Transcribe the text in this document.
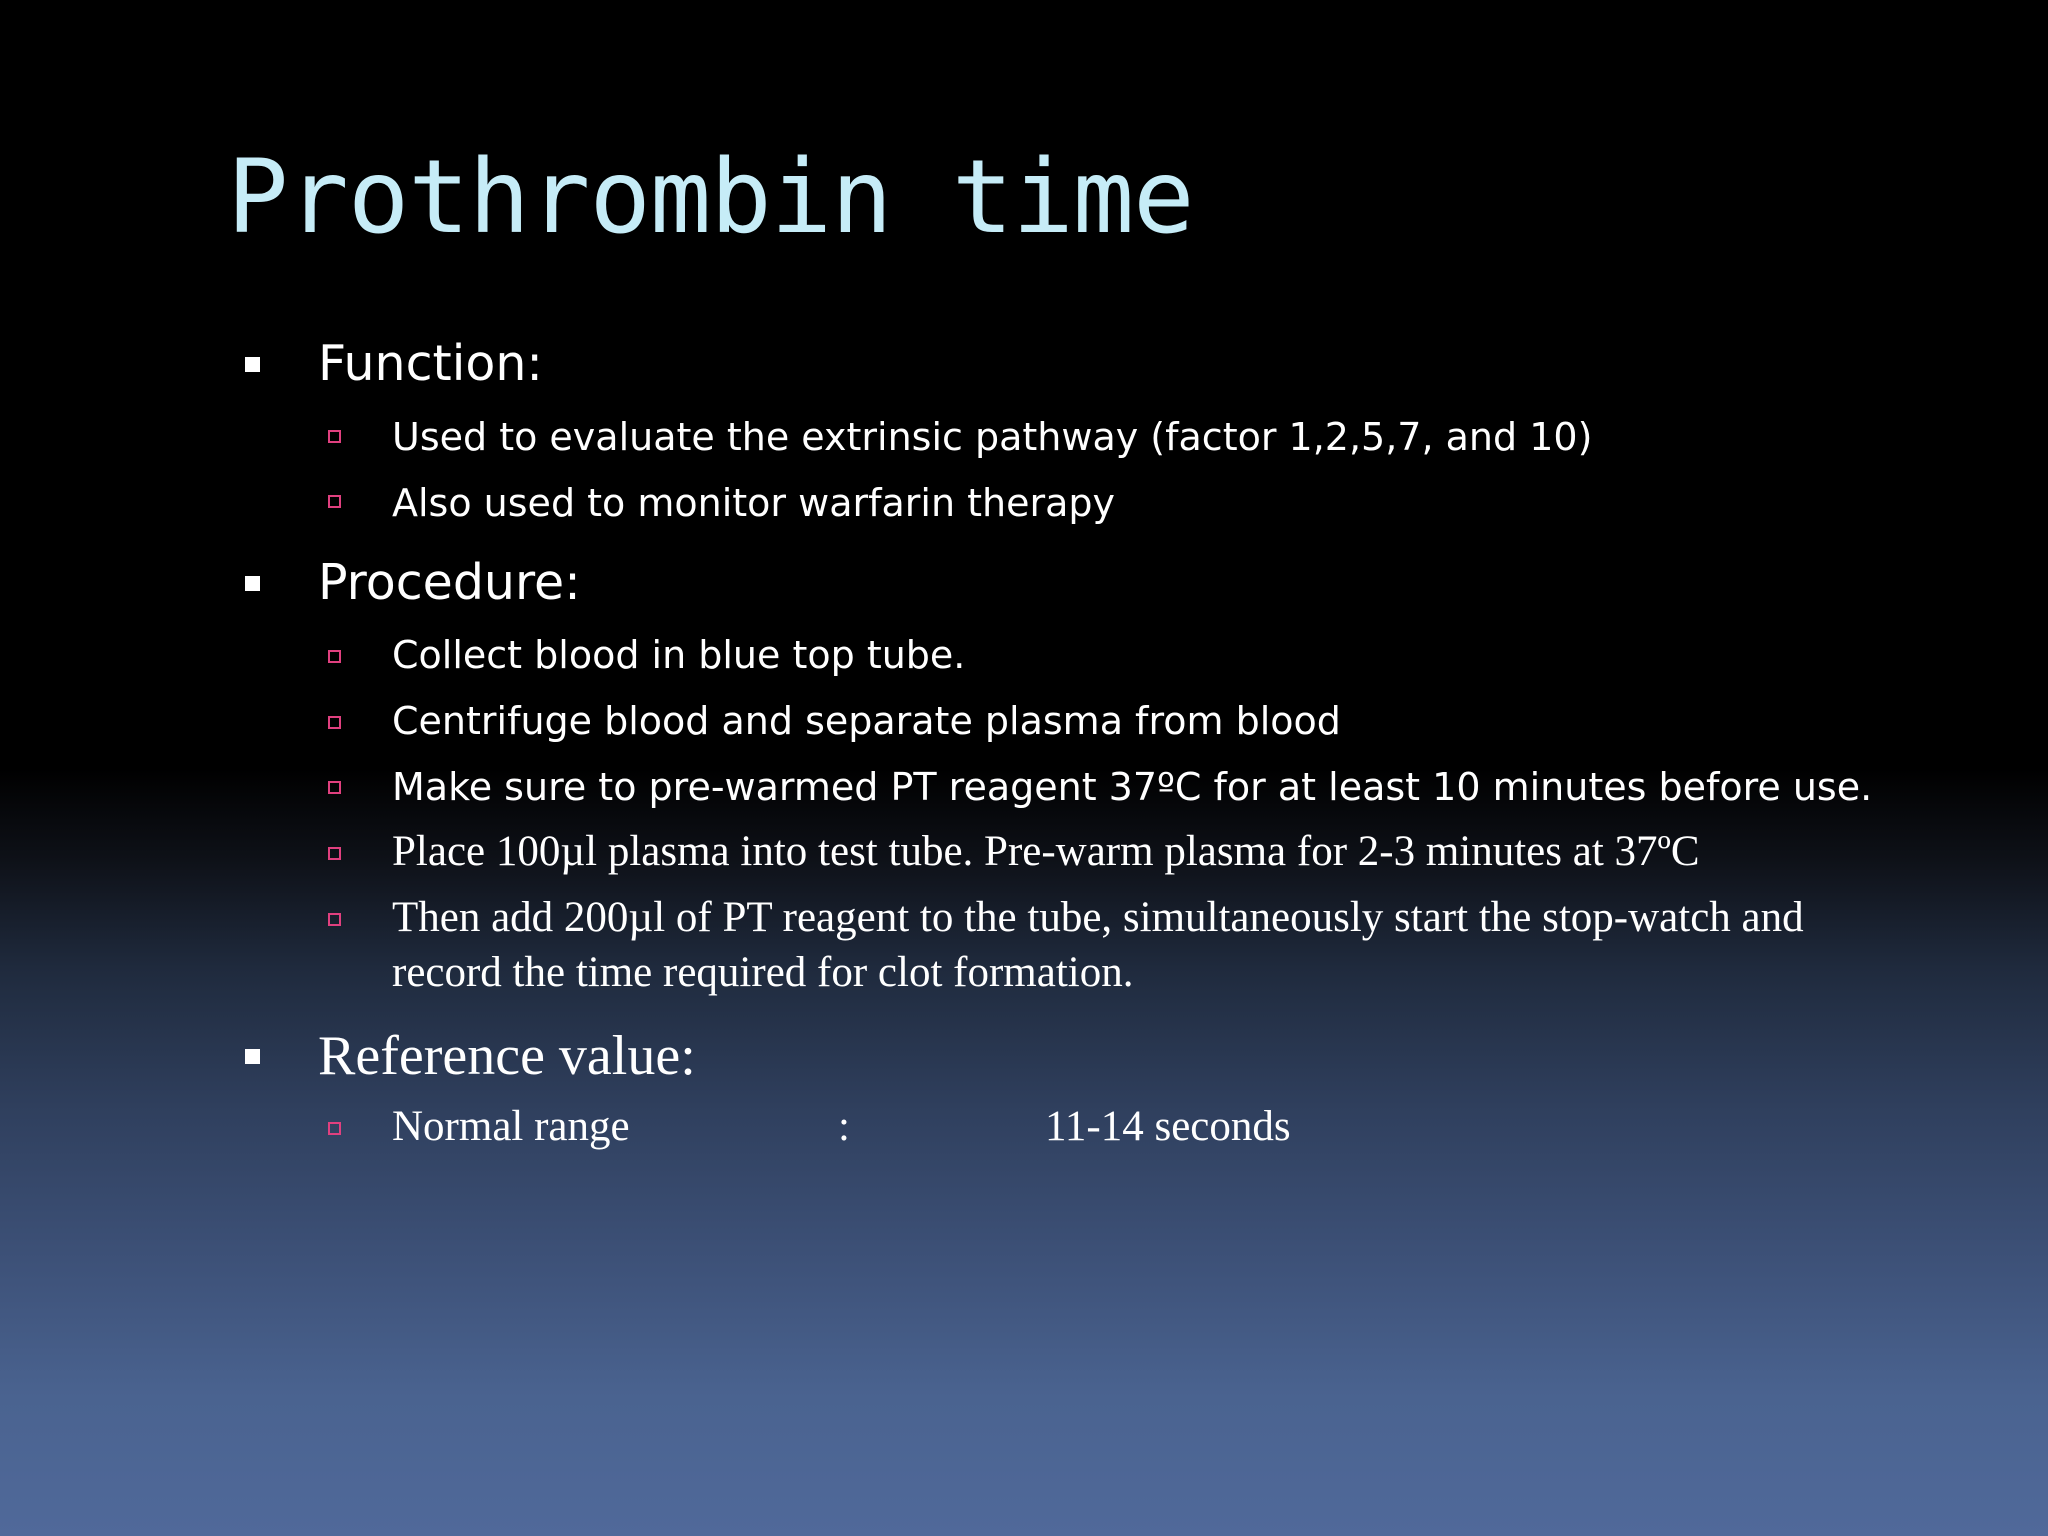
Prothrombin time
Function:
Used to evaluate the extrinsic pathway (factor 1,2,5,7, and 10)
Also used to monitor warfarin therapy
Procedure:
Collect blood in blue top tube.
Centrifuge blood and separate plasma from blood
Make sure to pre-warmed PT reagent 37ºC for at least 10 minutes before use.
Place 100µl plasma into test tube. Pre-warm plasma for 2-3 minutes at 37ºC
Then add 200µl of PT reagent to the tube, simultaneously start the stop-watch and
record the time required for clot formation.
Reference value:
Normal range	:	11-14 seconds
